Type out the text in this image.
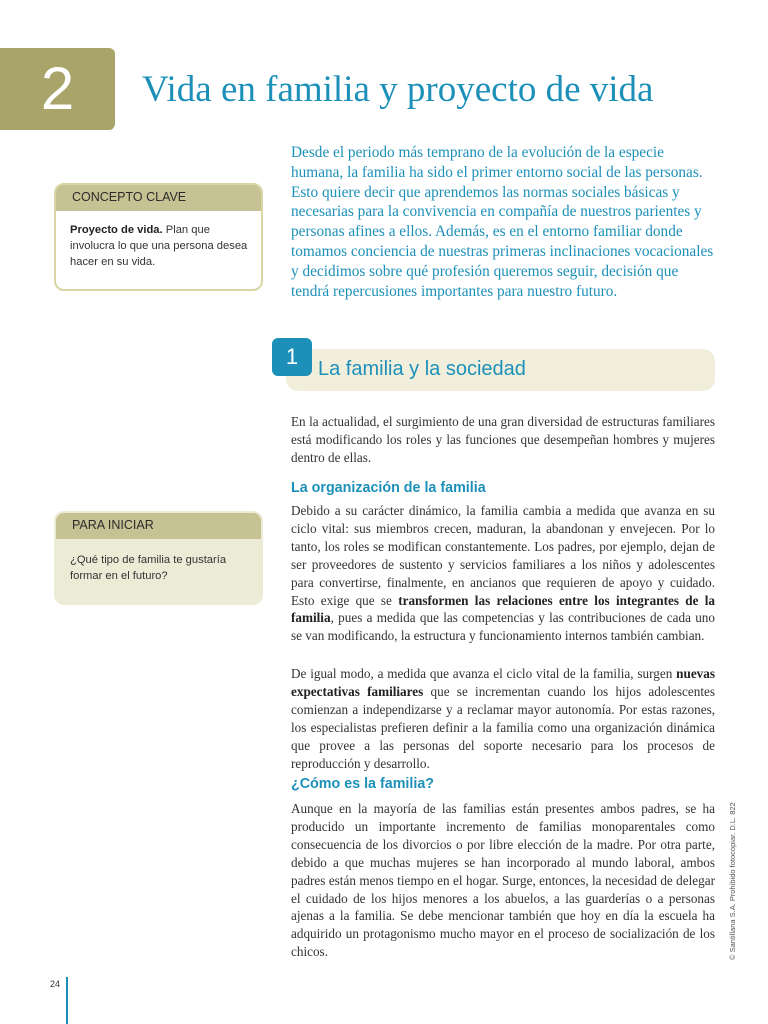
2 Vida en familia y proyecto de vida

Desde el periodo más temprano de la evolución de la especie humana, la familia ha sido el primer entorno social de las personas. Esto quiere decir que aprendemos las normas sociales básicas y necesarias para la convivencia en compañía de nuestros parientes y personas afines a ellos. Además, es en el entorno familiar donde tomamos conciencia de nuestras primeras inclinaciones vocacionales y decidimos sobre qué profesión queremos seguir, decisión que tendrá repercusiones importantes para nuestro futuro.

CONCEPTO CLAVE
Proyecto de vida. Plan que involucra lo que una persona desea hacer en su vida.
PARA INICIAR
¿Qué tipo de familia te gustaría formar en el futuro?
1 La familia y la sociedad

En la actualidad, el surgimiento de una gran diversidad de estructuras familiares está modificando los roles y las funciones que desempeñan hombres y mujeres dentro de ellas.

La organización de la familia

Debido a su carácter dinámico, la familia cambia a medida que avanza en su ciclo vital: sus miembros crecen, maduran, la abandonan y envejecen. Por lo tanto, los roles se modifican constantemente. Los padres, por ejemplo, dejan de ser proveedores de sustento y servicios familiares a los niños y adolescentes para convertirse, finalmente, en ancianos que requieren de apoyo y cuidado. Esto exige que se transformen las relaciones entre los integrantes de la familia, pues a medida que las competencias y las contribuciones de cada uno se van modificando, la estructura y funcionamiento internos también cambian.

De igual modo, a medida que avanza el ciclo vital de la familia, surgen nuevas expectativas familiares que se incrementan cuando los hijos adolescentes comienzan a independizarse y a reclamar mayor autonomía. Por estas razones, los especialistas prefieren definir a la familia como una organización dinámica que provee a las personas del soporte necesario para los procesos de reproducción y desarrollo.

¿Cómo es la familia?

Aunque en la mayoría de las familias están presentes ambos padres, se ha producido un importante incremento de familias monoparentales como consecuencia de los divorcios o por libre elección de la madre. Por otra parte, debido a que muchas mujeres se han incorporado al mundo laboral, ambos padres están menos tiempo en el hogar. Surge, entonces, la necesidad de delegar el cuidado de los hijos menores a los abuelos, a las guarderías o a personas ajenas a la familia. Se debe mencionar también que hoy en día la escuela ha adquirido un protagonismo mucho mayor en el proceso de socialización de los chicos.	© Santillana S.A. Prohibido fotocopiar. D.L. 822
24
